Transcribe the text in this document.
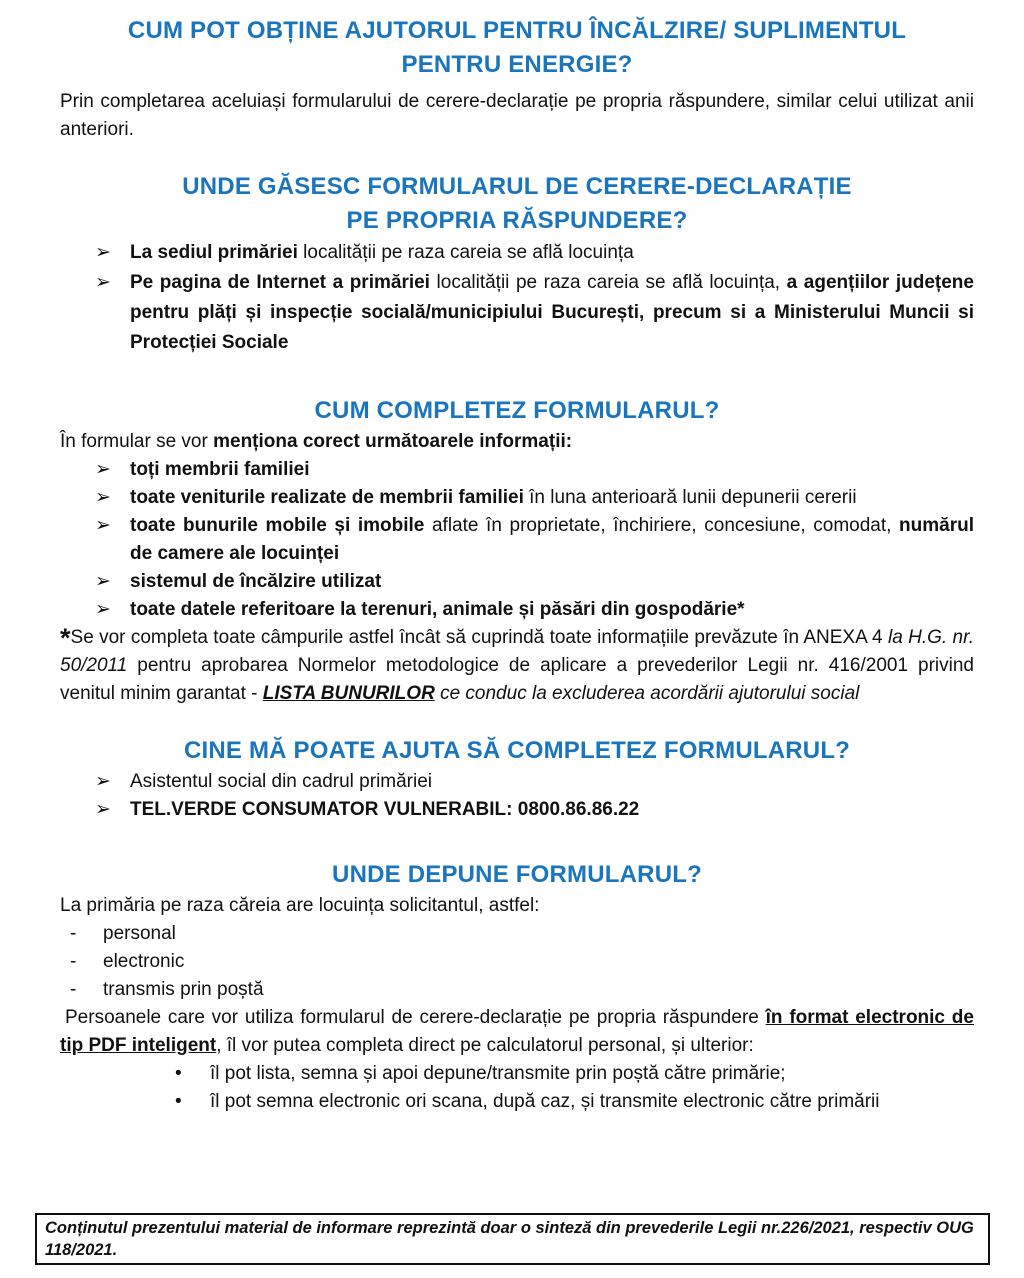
CUM POT OBȚINE AJUTORUL PENTRU ÎNCĂLZIRE/ SUPLIMENTUL
PENTRU ENERGIE?

Prin completarea aceluiași formularului de cerere-declarație pe propria răspundere, similar celui utilizat anii anteriori.

UNDE GĂSESC FORMULARUL DE CERERE-DECLARAȚIE
PE PROPRIA RĂSPUNDERE?
➢	La sediul primăriei localității pe raza careia se află locuința
➢	Pe pagina de Internet a primăriei localității pe raza careia se află locuința, a agențiilor județene pentru plăți și inspecție socială/municipiului București, precum si a Ministerului Muncii si Protecției Sociale
CUM COMPLETEZ FORMULARUL?

În formular se vor menționa corect următoarele informații:

➢	toți membrii familiei
➢	toate veniturile realizate de membrii familiei în luna anterioară lunii depunerii cererii
➢	toate bunurile mobile și imobile aflate în proprietate, închiriere, concesiune, comodat, numărul de camere ale locuinței
➢	sistemul de încălzire utilizat
➢	toate datele referitoare la terenuri, animale și păsări din gospodărie*

*Se vor completa toate câmpurile astfel încât să cuprindă toate informațiile prevăzute în ANEXA 4 la H.G. nr. 50/2011 pentru aprobarea Normelor metodologice de aplicare a prevederilor Legii nr. 416/2001 privind venitul minim garantat - LISTA BUNURILOR ce conduc la excluderea acordării ajutorului social

CINE MĂ POATE AJUTA SĂ COMPLETEZ FORMULARUL?
➢	Asistentul social din cadrul primăriei
➢	TEL.VERDE CONSUMATOR VULNERABIL: 0800.86.86.22
UNDE DEPUNE FORMULARUL?

La primăria pe raza căreia are locuința solicitantul, astfel:

-	personal
-	electronic
-	transmis prin poștă

Persoanele care vor utiliza formularul de cerere-declarație pe propria răspundere în format electronic de tip PDF inteligent, îl vor putea completa direct pe calculatorul personal, și ulterior:

•	îl pot lista, semna și apoi depune/transmite prin poștă către primărie;
•	îl pot semna electronic ori scana, după caz, și transmite electronic către primării
Conținutul prezentului material de informare reprezintă doar o sinteză din prevederile Legii nr.226/2021, respectiv OUG 118/2021.
